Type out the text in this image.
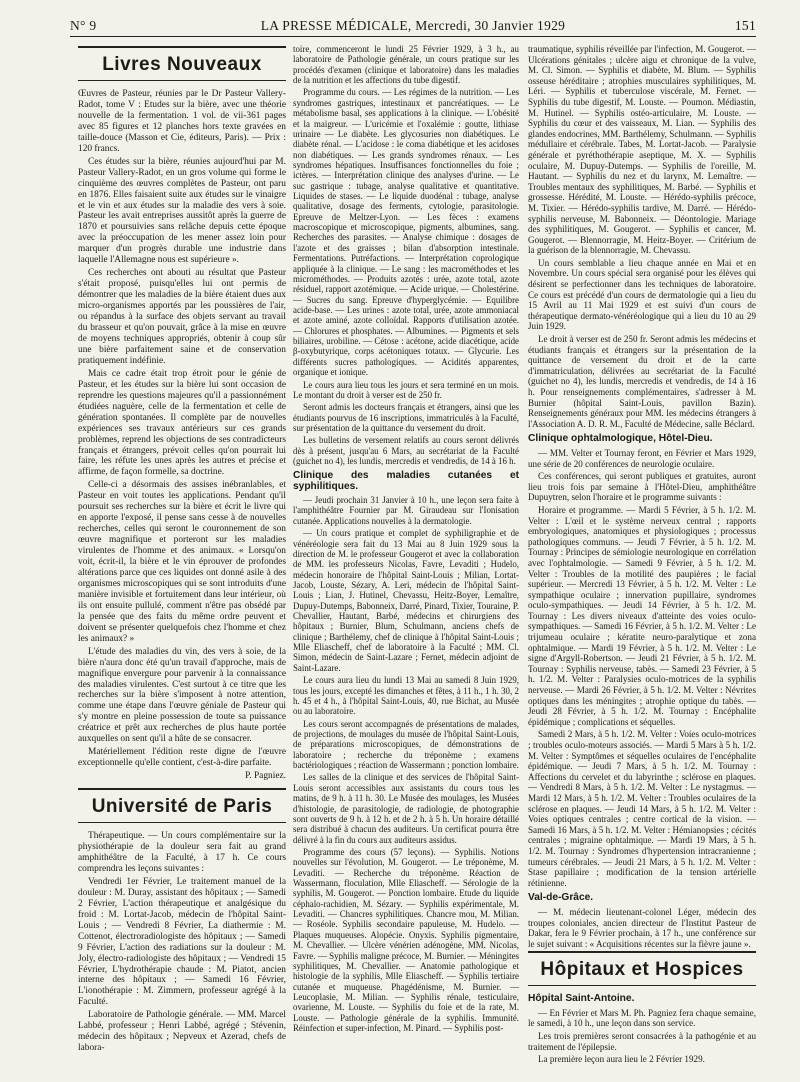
N° 9	LA PRESSE MÉDICALE, Mercredi, 30 Janvier 1929	151
Livres Nouveaux

Œuvres de Pasteur, réunies par le Dr Pasteur Vallery-Radot, tome V : Etudes sur la bière, avec une théorie nouvelle de la fermentation. 1 vol. de vii-361 pages avec 85 figures et 12 planches hors texte gravées en taille-douce (Masson et Cie, éditeurs, Paris). — Prix : 120 francs.

Ces études sur la bière, réunies aujourd'hui par M. Pasteur Vallery-Radot, en un gros volume qui forme le cinquième des œuvres complètes de Pasteur, ont paru en 1876. Elles faisaient suite aux études sur le vinaigre et le vin et aux études sur la maladie des vers à soie. Pasteur les avait entreprises aussitôt après la guerre de 1870 et poursuivies sans relâche depuis cette époque avec la préoccupation de les mener assez loin pour marquer d'un progrès durable une industrie dans laquelle l'Allemagne nous est supérieure ».

Ces recherches ont abouti au résultat que Pasteur s'était proposé, puisqu'elles lui ont permis de démontrer que les maladies de la bière étaient dues aux micro-organismes apportés par les poussières de l'air, ou répandus à la surface des objets servant au travail du brasseur et qu'on pouvait, grâce à la mise en œuvre de moyens techniques appropriés, obtenir à coup sûr une bière parfaitement saine et de conservation pratiquement indéfinie.

Mais ce cadre était trop étroit pour le génie de Pasteur, et les études sur la bière lui sont occasion de reprendre les questions majeures qu'il a passionnément étudiées naguère, celle de la fermentation et celle de génération spontanées. Il complète par de nouvelles expériences ses travaux antérieurs sur ces grands problèmes, reprend les objections de ses contradicteurs français et étrangers, prévoit celles qu'on pourrait lui faire, les réfute les unes après les autres et précise et affirme, de façon formelle, sa doctrine.

Celle-ci a désormais des assises inébranlables, et Pasteur en voit toutes les applications. Pendant qu'il poursuit ses recherches sur la bière et écrit le livre qui en apporte l'exposé, il pense sans cesse à de nouvelles recherches, celles qui seront le couronnement de son œuvre magnifique et porteront sur les maladies virulentes de l'homme et des animaux. « Lorsqu'on voit, écrit-il, la bière et le vin éprouver de profondes altérations parce que ces liquides ont donné asile à des organismes microscopiques qui se sont introduits d'une manière invisible et fortuitement dans leur intérieur, où ils ont ensuite pullulé, comment n'être pas obsédé par la pensée que des faits du même ordre peuvent et doivent se présenter quelquefois chez l'homme et chez les animaux? »

L'étude des maladies du vin, des vers à soie, de la bière n'aura donc été qu'un travail d'approche, mais de magnifique envergure pour parvenir à la connaissance des maladies virulentes. C'est surtout à ce titre que les recherches sur la bière s'imposent à notre attention, comme une étape dans l'œuvre géniale de Pasteur qui s'y montre en pleine possession de toute sa puissance créatrice et prêt aux recherches de plus haute portée auxquelles on sent qu'il a hâte de se consacrer.

Matériellement l'édition reste digne de l'œuvre exceptionnelle qu'elle contient, c'est-à-dire parfaite.

P. Pagniez.
Université de Paris

Thérapeutique. — Un cours complémentaire sur la physiothérapie de la douleur sera fait au grand amphithéâtre de la Faculté, à 17 h. Ce cours comprendra les leçons suivantes :

Vendredi 1er Février, Le traitement manuel de la douleur : M. Duray, assistant des hôpitaux ; — Samedi 2 Février, L'action thérapeutique et analgésique du froid : M. Lortat-Jacob, médecin de l'hôpital Saint-Louis ; — Vendredi 8 Février, La diathermie : M. Cottenot, électroradiologiste des hôpitaux ; — Samedi 9 Février, L'action des radiations sur la douleur : M. Joly, électro-radiologiste des hôpitaux ; — Vendredi 15 Février, L'hydrothérapie chaude : M. Piatot, ancien interne des hôpitaux ; — Samedi 16 Février, L'ionothérapie : M. Zimmern, professeur agrégé à la Faculté.

Laboratoire de Pathologie générale. — MM. Marcel Labbé, professeur ; Henri Labbé, agrégé ; Stévenin, médecin des hôpitaux ; Nepveux et Azerad, chefs de labora-

toire, commenceront le lundi 25 Février 1929, à 3 h., au laboratoire de Pathologie générale, un cours pratique sur les procédés d'examen (clinique et laboratoire) dans les maladies de la nutrition et les affections du tube digestif.

Programme du cours. — Les régimes de la nutrition. — Les syndromes gastriques, intestinaux et pancréatiques. — Le métabolisme basal, ses applications à la clinique. — L'obésité et la maigreur. — L'uricémie et l'oxalémie : goutte, lithiase urinaire — Le diabète. Les glycosuries non diabétiques. Le diabète rénal. — L'acidose : le coma diabétique et les acidoses non diabétiques. — Les grands syndromes rénaux. — Les syndromes hépatiques. Insuffisances fonctionnelles du foie ; ictères. — Interprétation clinique des analyses d'urine. — Le suc gastrique : tubage, analyse qualitative et quantitative. Liquides de stases. — Le liquide duodénal : tubage, analyse qualitative, dosage des ferments, cytologie, parasitologie. Epreuve de Meltzer-Lyon. — Les fèces : examens macroscopique et microscopique, pigments, albumines, sang. Recherches des parasites. — Analyse chimique : dosages de l'azote et des graisses ; bilan d'absorption intestinale. Fermentations. Putréfactions. — Interprétation coprologique appliquée à la clinique. — Le sang : les macrométhodes et les microméthodes. — Produits azotés : urée, azote total, azote résiduel, rapport azotémique. — Acide urique. — Cholestérine. — Sucres du sang. Epreuve d'hyperglycémie. — Equilibre acide-base. — Les urines : azote total, urée, azote ammoniacal et azote aminé, azote colloïdal. Rapports d'utilisation azotée. — Chlorures et phosphates. — Albumines. — Pigments et sels biliaires, urobiline. — Cétose : acétone, acide diacétique, acide β-oxybutyrique, corps acétoniques totaux. — Glycurie. Les différents sucres pathologiques. — Acidités apparentes, organique et ionique.

Le cours aura lieu tous les jours et sera terminé en un mois. Le montant du droit à verser est de 250 fr.

Seront admis les docteurs français et étrangers, ainsi que les étudiants pourvus de 16 inscriptions, immatriculés à la Faculté, sur présentation de la quittance du versement du droit.

Les bulletins de versement relatifs au cours seront délivrés dès à présent, jusqu'au 6 Mars, au secrétariat de la Faculté (guichet no 4), les lundis, mercredis et vendredis, de 14 à 16 h.

Clinique des maladies cutanées et syphilitiques.

— Jeudi prochain 31 Janvier à 10 h., une leçon sera faite à l'amphithéâtre Fournier par M. Giraudeau sur l'Ionisation cutanée. Applications nouvelles à la dermatologie.

— Un cours pratique et complet de syphiligraphie et de vénéréologie sera fait du 13 Mai au 8 Juin 1929 sous la direction de M. le professeur Gougerot et avec la collaboration de MM. les professeurs Nicolas, Favre, Levaditi ; Hudelo, médecin honoraire de l'hôpital Saint-Louis ; Milian, Lortat-Jacob, Louste, Sézary, A. Leri, médecin de l'hôpital Saint-Louis ; Lian, J. Hutinel, Chevassu, Heitz-Boyer, Lemaître, Dupuy-Dutemps, Babonneix, Darré, Pinard, Tixier, Touraine, P. Chevallier, Hautant, Barbé, médecins et chirurgiens des hôpitaux ; Burnier, Blum, Schulmann, anciens chefs de clinique ; Barthélemy, chef de clinique à l'hôpital Saint-Louis ; Mlle Eliascheff, chef de laboratoire à la Faculté ; MM. Cl. Simon, médecin de Saint-Lazare ; Fernet, médecin adjoint de Saint-Lazare.

Le cours aura lieu du lundi 13 Mai au samedi 8 Juin 1929, tous les jours, excepté les dimanches et fêtes, à 11 h., 1 h. 30, 2 h. 45 et 4 h., à l'hôpital Saint-Louis, 40, rue Bichat, au Musée ou au laboratoire.

Les cours seront accompagnés de présentations de malades, de projections, de moulages du musée de l'hôpital Saint-Louis, de préparations microscopiques, de démonstrations de laboratoire ; recherche du tréponème ; examens bactériologiques ; réaction de Wassermann ; ponction lombaire.

Les salles de la clinique et des services de l'hôpital Saint-Louis seront accessibles aux assistants du cours tous les matins, de 9 h. à 11 h. 30. Le Musée des moulages, les Musées d'histologie, de parasitologie, de radiologie, de photographie sont ouverts de 9 h. à 12 h. et de 2 h. à 5 h. Un horaire détaillé sera distribué à chacun des auditeurs. Un certificat pourra être délivré à la fin du cours aux auditeurs assidus.

Programme des cours (57 leçons). — Syphilis. Notions nouvelles sur l'évolution, M. Gougerot. — Le tréponème, M. Levaditi. — Recherche du tréponème. Réaction de Wassermann, floculation, Mlle Eliascheff. — Sérologie de la syphilis, M. Gougerot. — Ponction lombaire. Etude du liquide céphalo-rachidien, M. Sézary. — Syphilis expérimentale, M. Levaditi. — Chancres syphilitiques. Chancre mou, M. Milian. — Roséole. Syphilis secondaire papuleuse, M. Hudelo. — Plaques muqueuses. Alopécie. Onyxis. Syphilis pigmentaire, M. Chevallier. — Ulcère vénérien adénogène, MM. Nicolas, Favre. — Syphilis maligne précoce, M. Burnier. — Méningites syphilitiques, M. Chevallier. — Anatomie pathologique et histologie de la syphilis, Mlle Eliascheff. — Syphilis tertiaire cutanée et muqueuse. Phagédénisme, M. Burnier. — Leucoplasie, M. Milian. — Syphilis rénale, testiculaire, ovarienne, M. Louste. — Syphilis du foie et de la rate, M. Louste. — Pathologie générale de la syphilis. Immunité. Réinfection et super-infection, M. Pinard. — Syphilis post-

traumatique, syphilis réveillée par l'infection, M. Gougerot. — Ulcérations génitales ; ulcère aigu et chronique de la vulve, M. Cl. Simon. — Syphilis et diabète, M. Blum. — Syphilis osseuse héréditaire ; atrophies musculaires syphilitiques, M. Léri. — Syphilis et tuberculose viscérale, M. Fernet. — Syphilis du tube digestif, M. Louste. — Poumon. Médiastin, M. Hutinel. — Syphilis ostéo-articulaire, M. Louste. — Syphilis du cœur et des vaisseaux, M. Lian. — Syphilis des glandes endocrines, MM. Barthélemy, Schulmann. — Syphilis médullaire et cérébrale. Tabes, M. Lortat-Jacob. — Paralysie générale et pyréthothérapie aseptique, M. X. — Syphilis oculaire, M. Dupuy-Dutemps. — Syphilis de l'oreille, M. Hautant. — Syphilis du nez et du larynx, M. Lemaître. — Troubles mentaux des syphilitiques, M. Barbé. — Syphilis et grossesse. Hérédité, M. Louste. — Hérédo-syphilis précoce, M. Tixier. — Hérédo-syphilis tardive, M. Darré. — Hérédo-syphilis nerveuse, M. Babonneix. — Déontologie. Mariage des syphilitiques, M. Gougerot. — Syphilis et cancer, M. Gougerot. — Blennorragie, M. Heitz-Boyer. — Critérium de la guérison de la blennorragie, M. Chevassu.

Un cours semblable a lieu chaque année en Mai et en Novembre. Un cours spécial sera organisé pour les élèves qui désirent se perfectionner dans les techniques de laboratoire. Ce cours est précédé d'un cours de dermatologie qui a lieu du 15 Avril au 11 Mai 1929 et est suivi d'un cours de thérapeutique dermato-vénéréologique qui a lieu du 10 au 29 Juin 1929.

Le droit à verser est de 250 fr. Seront admis les médecins et étudiants français et étrangers sur la présentation de la quittance de versement du droit et de la carte d'immatriculation, délivrées au secrétariat de la Faculté (guichet no 4), les lundis, mercredis et vendredis, de 14 à 16 h. Pour renseignements complémentaires, s'adresser à M. Burnier (hôpital Saint-Louis, pavillon Bazin). Renseignements généraux pour MM. les médecins étrangers à l'Association A. D. R. M., Faculté de Médecine, salle Béclard.

Clinique ophtalmologique, Hôtel-Dieu.

— MM. Velter et Tournay feront, en Février et Mars 1929, une série de 20 conférences de neurologie oculaire.

Ces conférences, qui seront publiques et gratuites, auront lieu trois fois par semaine à l'Hôtel-Dieu, amphithéâtre Dupuytren, selon l'horaire et le programme suivants :

Horaire et programme. — Mardi 5 Février, à 5 h. 1/2. M. Velter : L'œil et le système nerveux central ; rapports embryologiques, anatomiques et physiologiques ; processus pathologiques communs. — Jeudi 7 Février, à 5 h. 1/2. M. Tournay : Principes de sémiologie neurologique en corrélation avec l'ophtalmologie. — Samedi 9 Février, à 5 h. 1/2. M. Velter : Troubles de la motilité des paupières ; le facial supérieur. — Mercredi 13 Février, à 5 h. 1/2. M. Velter : Le sympathique oculaire ; innervation pupillaire, syndromes oculo-sympathiques. — Jeudi 14 Février, à 5 h. 1/2. M. Tournay : Les divers niveaux d'atteinte des voies oculo-sympathiques. — Samedi 16 Février, à 5 h. 1/2. M. Velter : Le trijumeau oculaire ; kératite neuro-paralytique et zona ophtalmique. — Mardi 19 Février, à 5 h. 1/2. M. Velter : Le signe d'Argyll-Robertson. — Jeudi 21 Février, à 5 h. 1/2. M. Tournay : Syphilis nerveuse, tabès. — Samedi 23 Février, à 5 h. 1/2. M. Velter : Paralysies oculo-motrices de la syphilis nerveuse. — Mardi 26 Février, à 5 h. 1/2. M. Velter : Névrites optiques dans les méningites ; atrophie optique du tabès. — Jeudi 28 Février, à 5 h. 1/2. M. Tournay : Encéphalite épidémique ; complications et séquelles.

Samedi 2 Mars, à 5 h. 1/2. M. Velter : Voies oculo-motrices ; troubles oculo-moteurs associés. — Mardi 5 Mars à 5 h. 1/2. M. Velter : Symptômes et séquelles oculaires de l'encéphalite épidémique. — Jeudi 7 Mars, à 5 h. 1/2. M. Tournay : Affections du cervelet et du labyrinthe ; sclérose en plaques. — Vendredi 8 Mars, à 5 h. 1/2. M. Velter : Le nystagmus. — Mardi 12 Mars, à 5 h. 1/2. M. Velter : Troubles oculaires de la sclérose en plaques. — Jeudi 14 Mars, à 5 h. 1/2. M. Velter : Voies optiques centrales ; centre cortical de la vision. — Samedi 16 Mars, à 5 h. 1/2. M. Velter : Hémianopsies ; cécités centrales ; migraine ophtalmique. — Mardi 19 Mars, à 5 h. 1/2. M. Tournay : Syndromes d'hypertension intracranienne ; tumeurs cérébrales. — Jeudi 21 Mars, à 5 h. 1/2. M. Velter : Stase papillaire ; modification de la tension artérielle rétinienne.

Val-de-Grâce.

— M. médecin lieutenant-colonel Léger, médecin des troupes coloniales, ancien directeur de l'Institut Pasteur de Dakar, fera le 9 Février prochain, à 17 h., une conférence sur le sujet suivant : « Acquisitions récentes sur la fièvre jaune ».

Hôpitaux et Hospices
Hôpital Saint-Antoine.

— En Février et Mars M. Ph. Pagniez fera chaque semaine, le samedi, à 10 h., une leçon dans son service.

Les trois premières seront consacrées à la pathogénie et au traitement de l'épilepsie.

La première leçon aura lieu le 2 Février 1929.
